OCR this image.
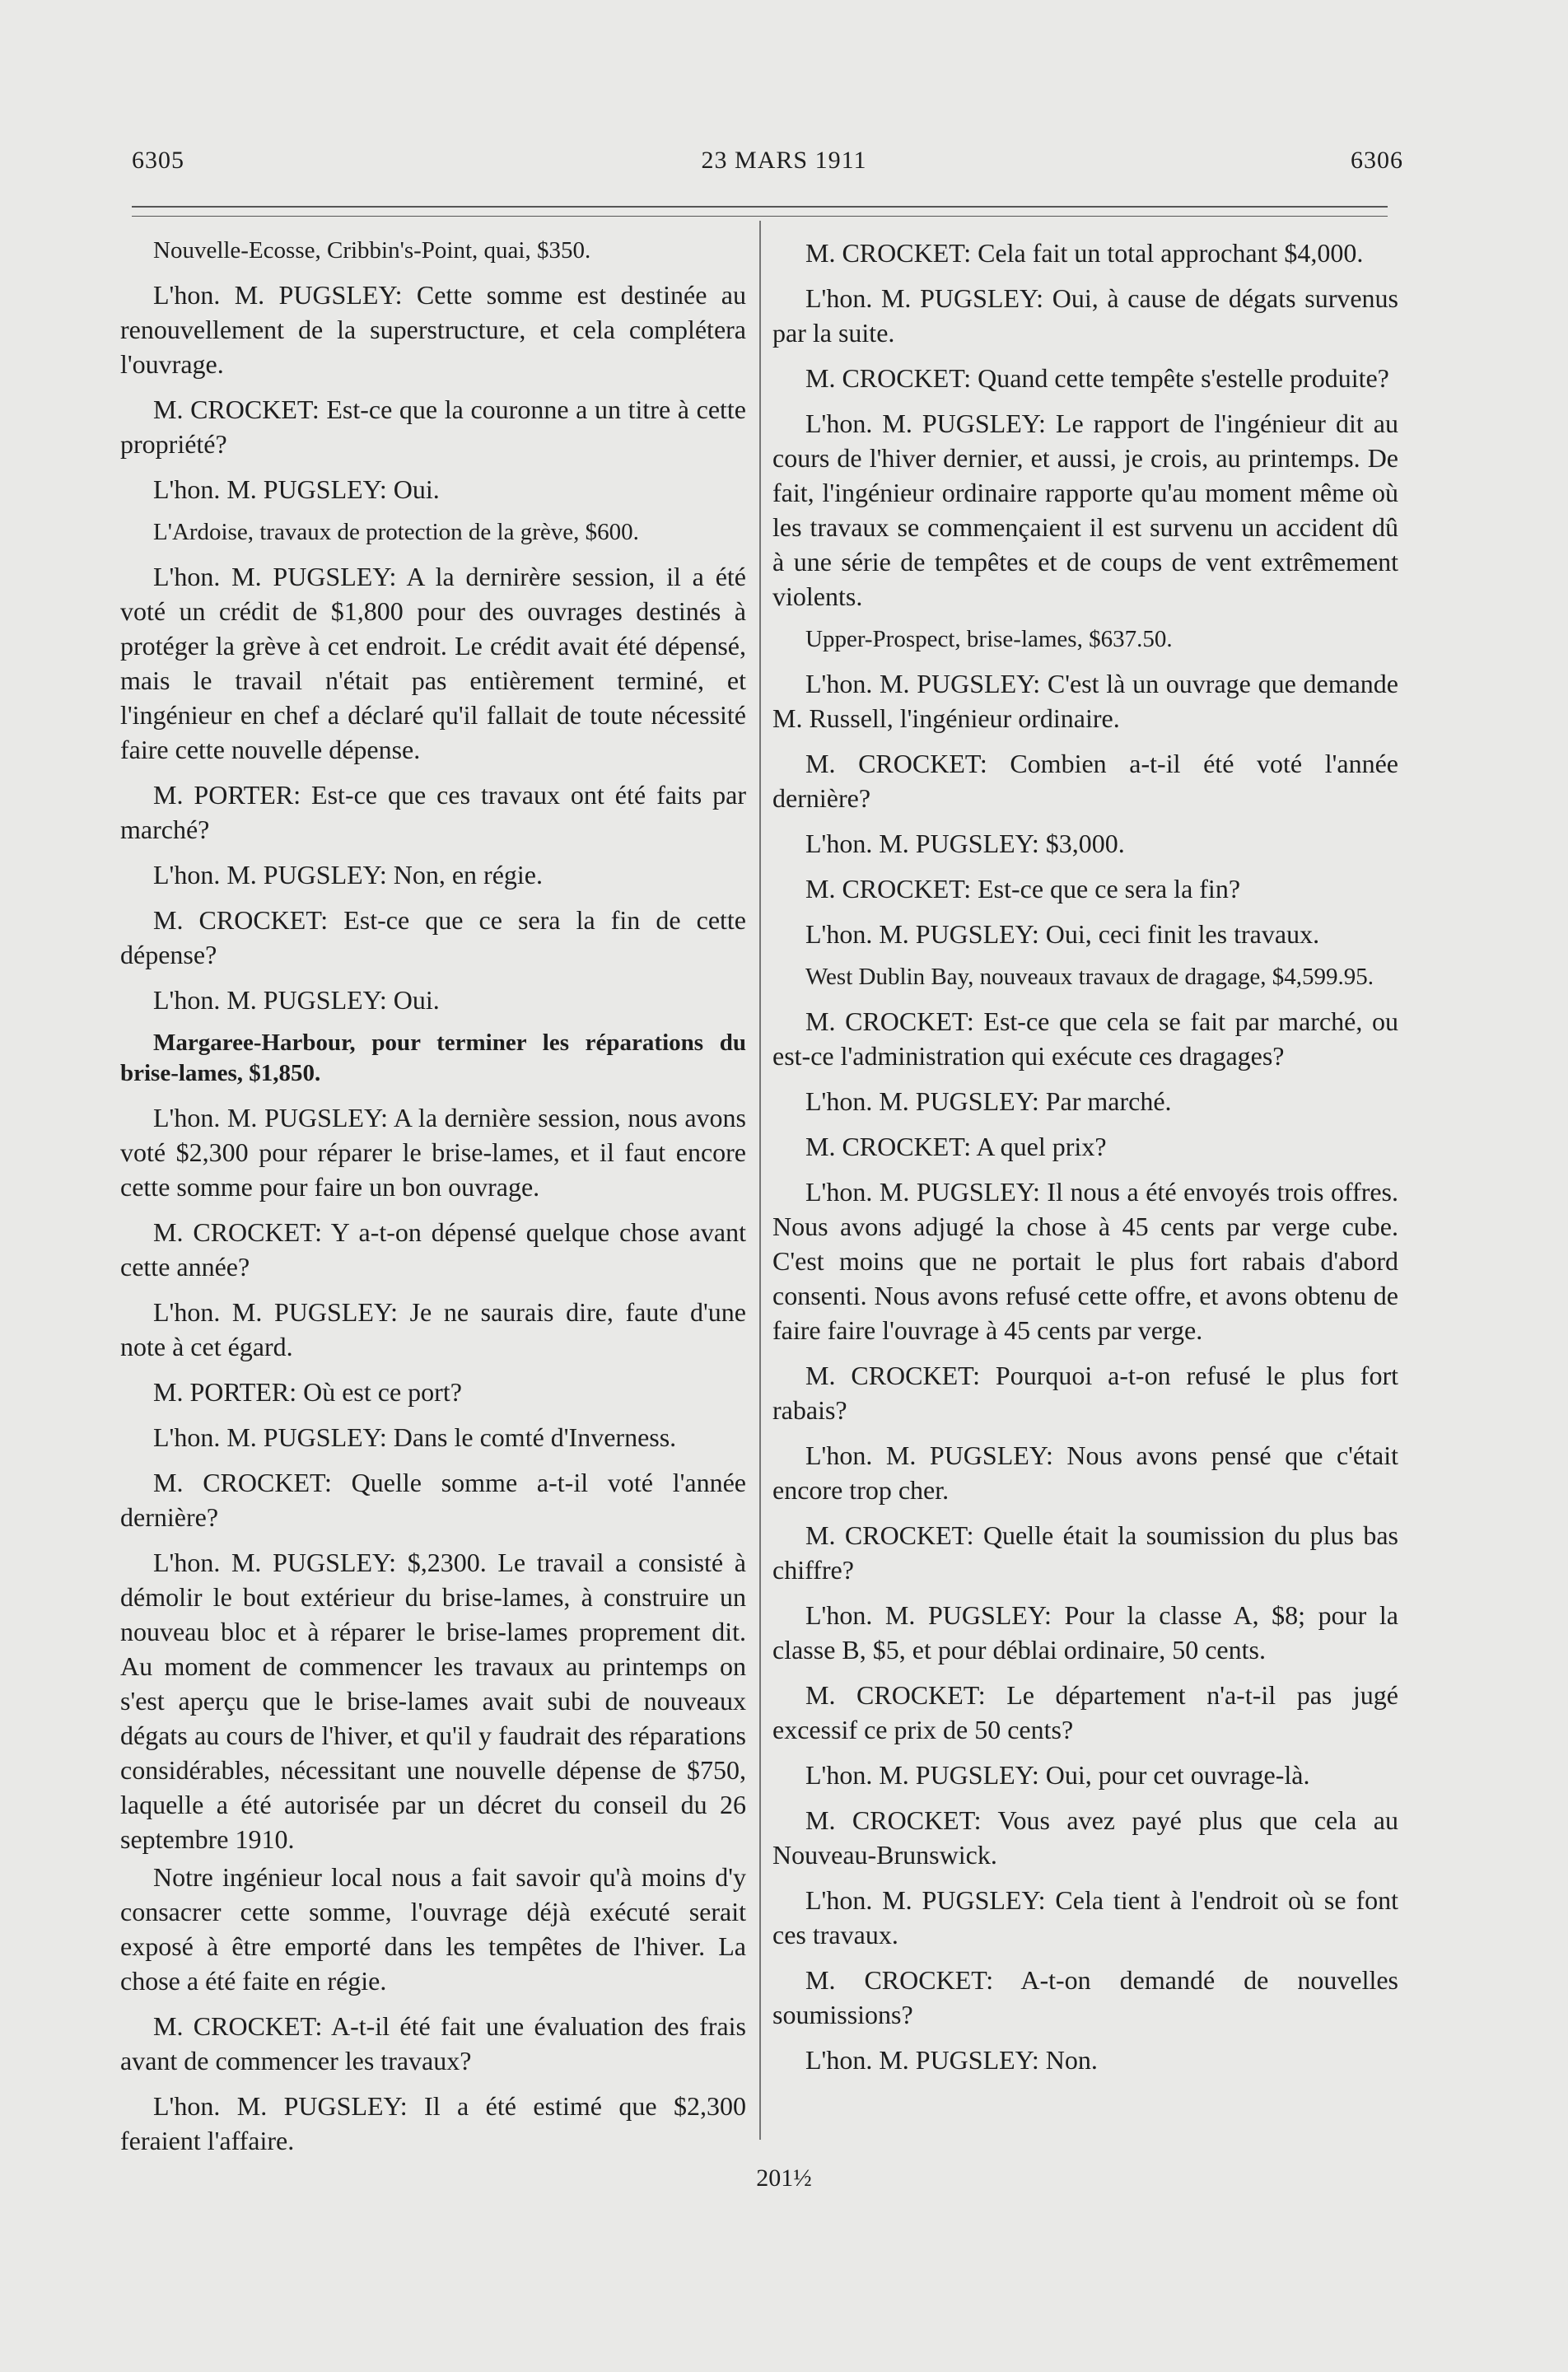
6305	23 MARS 1911	6306

Nouvelle-Ecosse, Cribbin's-Point, quai, $350.

L'hon. M. PUGSLEY: Cette somme est destinée au renouvellement de la superstructure, et cela complétera l'ouvrage.

M. CROCKET: Est-ce que la couronne a un titre à cette propriété?

L'hon. M. PUGSLEY: Oui.

L'Ardoise, travaux de protection de la grève, $600.

L'hon. M. PUGSLEY: A la dernirère session, il a été voté un crédit de $1,800 pour des ouvrages destinés à protéger la grève à cet endroit. Le crédit avait été dépensé, mais le travail n'était pas entièrement terminé, et l'ingénieur en chef a déclaré qu'il fallait de toute nécessité faire cette nouvelle dépense.

M. PORTER: Est-ce que ces travaux ont été faits par marché?

L'hon. M. PUGSLEY: Non, en régie.

M. CROCKET: Est-ce que ce sera la fin de cette dépense?

L'hon. M. PUGSLEY: Oui.

Margaree-Harbour, pour terminer les réparations du brise-lames, $1,850.

L'hon. M. PUGSLEY: A la dernière session, nous avons voté $2,300 pour réparer le brise-lames, et il faut encore cette somme pour faire un bon ouvrage.

M. CROCKET: Y a-t-on dépensé quelque chose avant cette année?

L'hon. M. PUGSLEY: Je ne saurais dire, faute d'une note à cet égard.

M. PORTER: Où est ce port?

L'hon. M. PUGSLEY: Dans le comté d'Inverness.

M. CROCKET: Quelle somme a-t-il voté l'année dernière?

L'hon. M. PUGSLEY: $,2300. Le travail a consisté à démolir le bout extérieur du brise-lames, à construire un nouveau bloc et à réparer le brise-lames proprement dit. Au moment de commencer les travaux au printemps on s'est aperçu que le brise-lames avait subi de nouveaux dégats au cours de l'hiver, et qu'il y faudrait des réparations considérables, nécessitant une nouvelle dépense de $750, laquelle a été autorisée par un décret du conseil du 26 septembre 1910.

Notre ingénieur local nous a fait savoir qu'à moins d'y consacrer cette somme, l'ouvrage déjà exécuté serait exposé à être emporté dans les tempêtes de l'hiver. La chose a été faite en régie.

M. CROCKET: A-t-il été fait une évaluation des frais avant de commencer les travaux?

L'hon. M. PUGSLEY: Il a été estimé que $2,300 feraient l'affaire.

M. CROCKET: Cela fait un total approchant $4,000.

L'hon. M. PUGSLEY: Oui, à cause de dégats survenus par la suite.

M. CROCKET: Quand cette tempête s'estelle produite?

L'hon. M. PUGSLEY: Le rapport de l'ingénieur dit au cours de l'hiver dernier, et aussi, je crois, au printemps. De fait, l'ingénieur ordinaire rapporte qu'au moment même où les travaux se commençaient il est survenu un accident dû à une série de tempêtes et de coups de vent extrêmement violents.

Upper-Prospect, brise-lames, $637.50.

L'hon. M. PUGSLEY: C'est là un ouvrage que demande M. Russell, l'ingénieur ordinaire.

M. CROCKET: Combien a-t-il été voté l'année dernière?

L'hon. M. PUGSLEY: $3,000.

M. CROCKET: Est-ce que ce sera la fin?

L'hon. M. PUGSLEY: Oui, ceci finit les travaux.

West Dublin Bay, nouveaux travaux de dragage, $4,599.95.

M. CROCKET: Est-ce que cela se fait par marché, ou est-ce l'administration qui exécute ces dragages?

L'hon. M. PUGSLEY: Par marché.

M. CROCKET: A quel prix?

L'hon. M. PUGSLEY: Il nous a été envoyés trois offres. Nous avons adjugé la chose à 45 cents par verge cube. C'est moins que ne portait le plus fort rabais d'abord consenti. Nous avons refusé cette offre, et avons obtenu de faire faire l'ouvrage à 45 cents par verge.

M. CROCKET: Pourquoi a-t-on refusé le plus fort rabais?

L'hon. M. PUGSLEY: Nous avons pensé que c'était encore trop cher.

M. CROCKET: Quelle était la soumission du plus bas chiffre?

L'hon. M. PUGSLEY: Pour la classe A, $8; pour la classe B, $5, et pour déblai ordinaire, 50 cents.

M. CROCKET: Le département n'a-t-il pas jugé excessif ce prix de 50 cents?

L'hon. M. PUGSLEY: Oui, pour cet ouvrage-là.

M. CROCKET: Vous avez payé plus que cela au Nouveau-Brunswick.

L'hon. M. PUGSLEY: Cela tient à l'endroit où se font ces travaux.

M. CROCKET: A-t-on demandé de nouvelles soumissions?

L'hon. M. PUGSLEY: Non.

201½
